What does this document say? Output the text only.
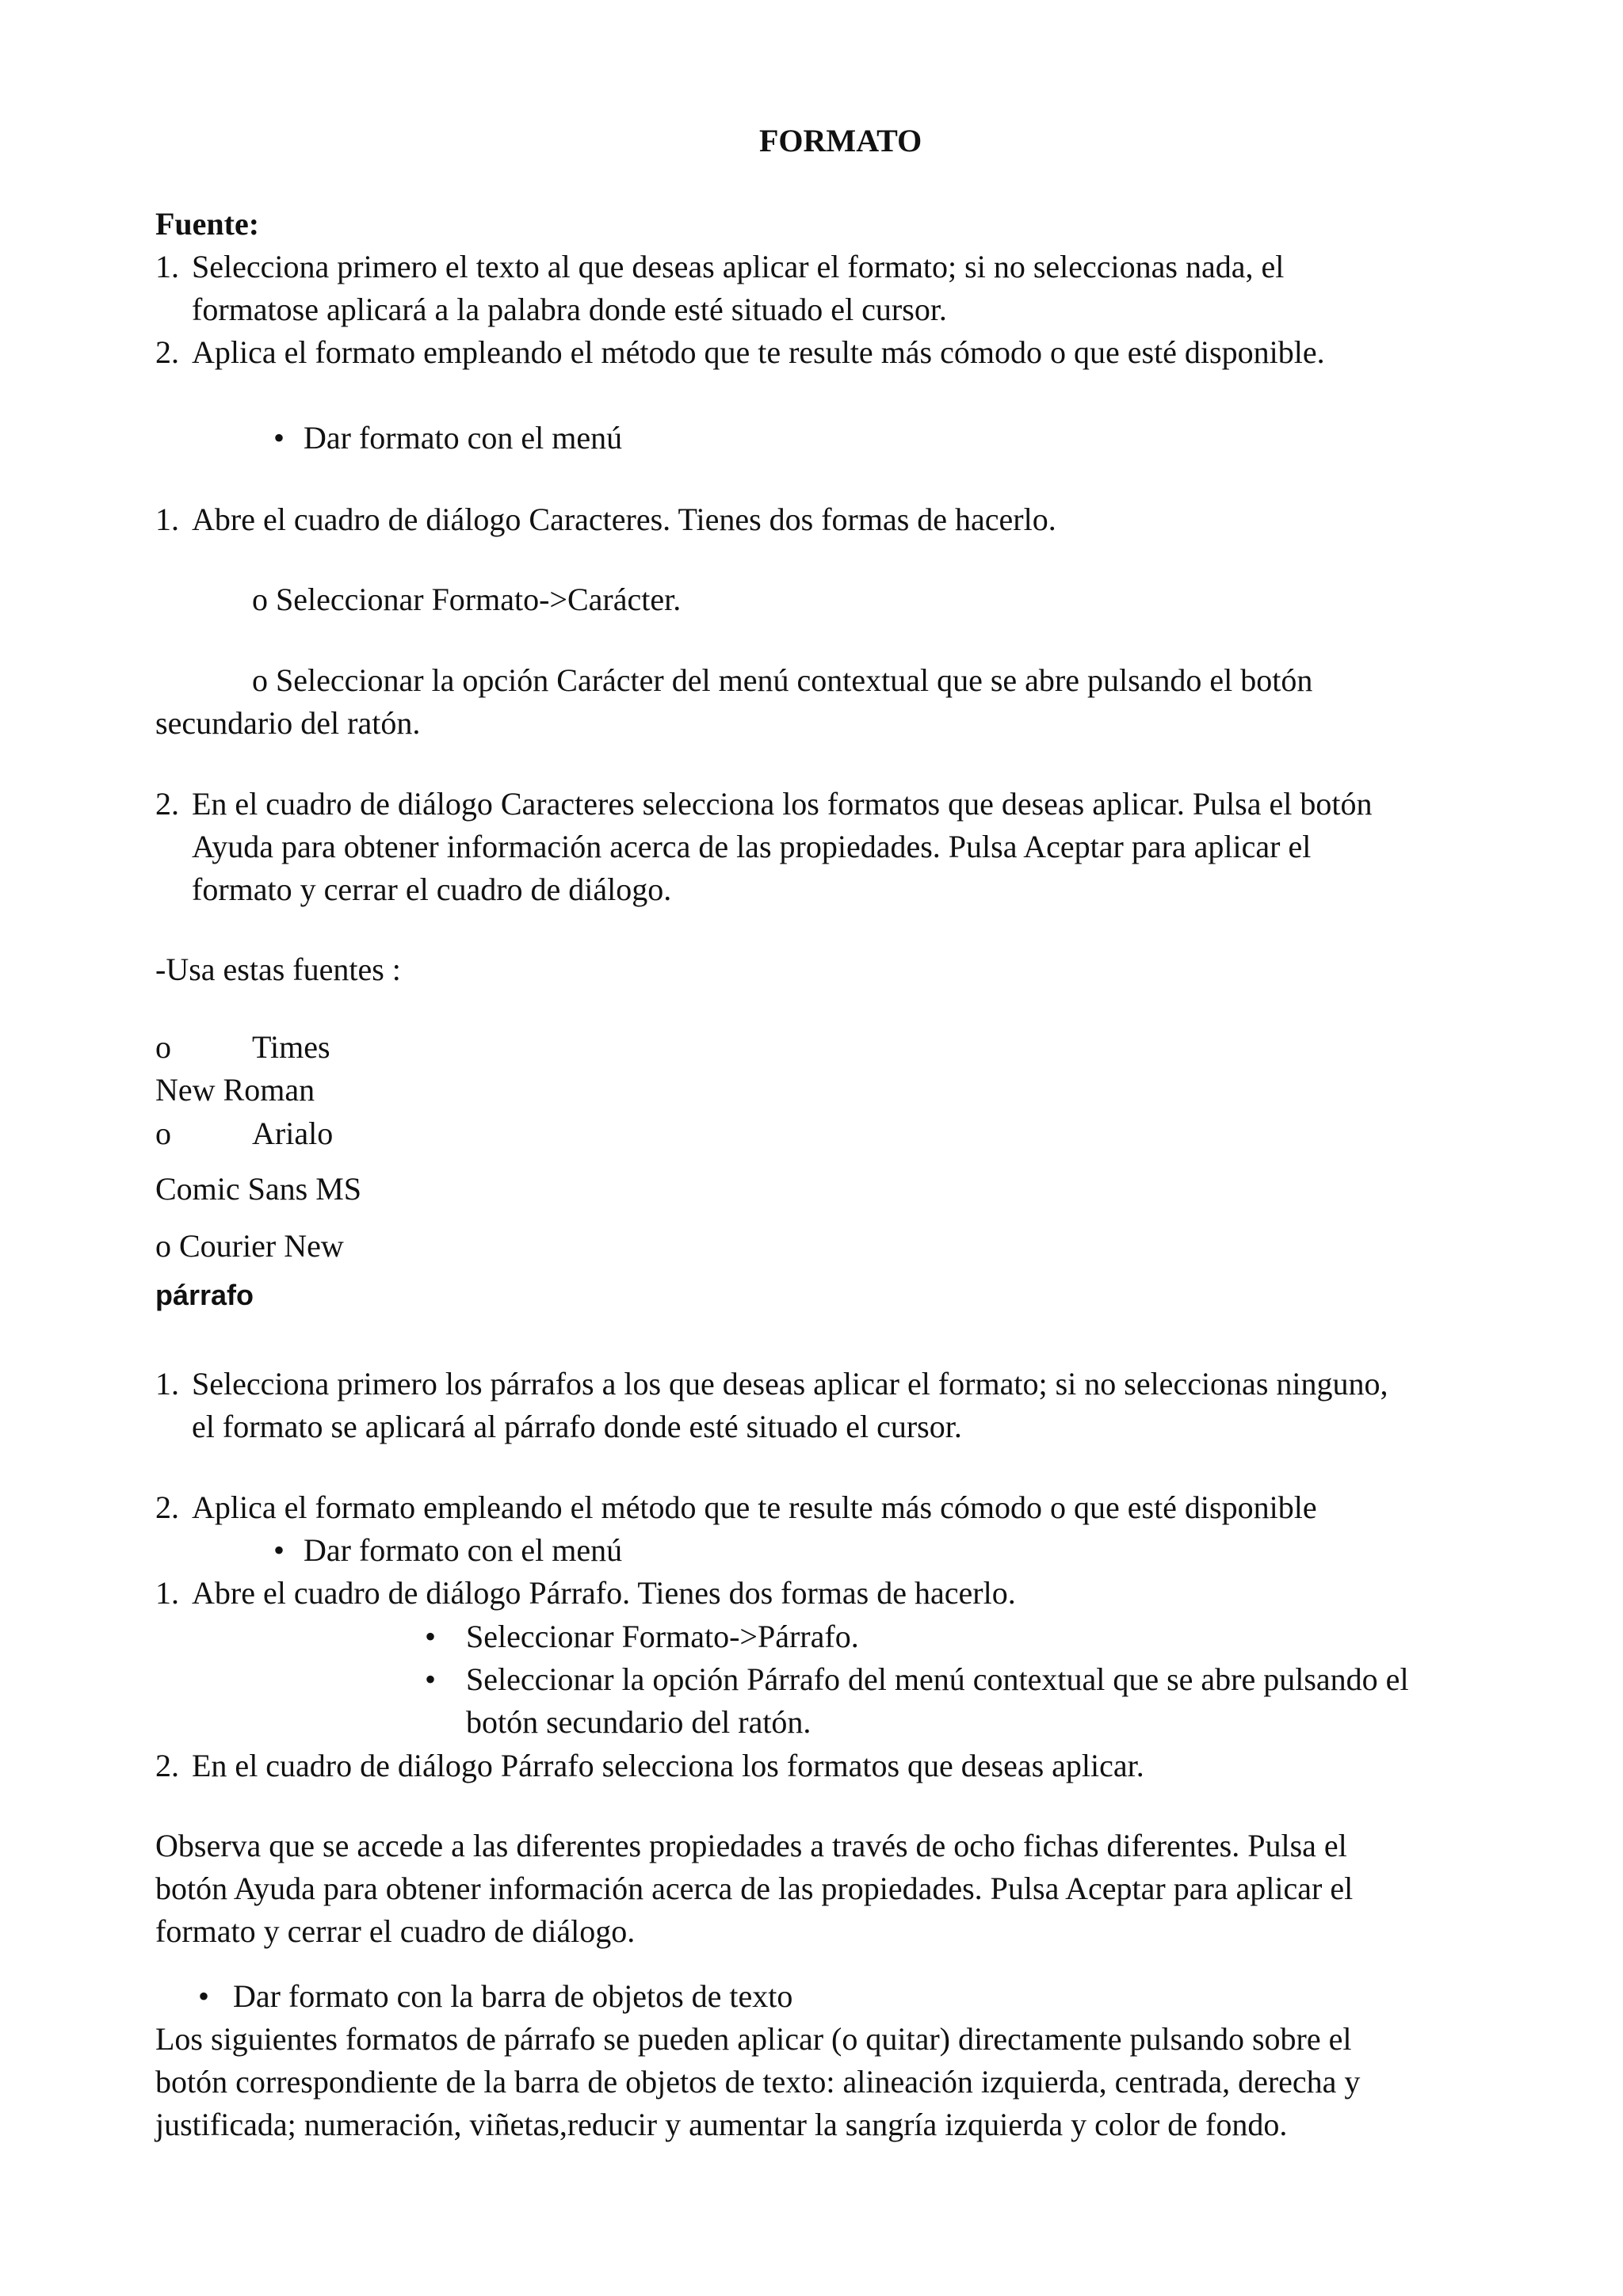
FORMATO

Fuente:

1. Selecciona primero el texto al que deseas aplicar el formato; si no seleccionas nada, el

formatose aplicará a la palabra donde esté situado el cursor.

2. Aplica el formato empleando el método que te resulte más cómodo o que esté disponible.

• Dar formato con el menú

1. Abre el cuadro de diálogo Caracteres. Tienes dos formas de hacerlo.

o Seleccionar Formato->Carácter.

o Seleccionar la opción Carácter del menú contextual que se abre pulsando el botón

secundario del ratón.

2. En el cuadro de diálogo Caracteres selecciona los formatos que deseas aplicar. Pulsa el botón

Ayuda para obtener información acerca de las propiedades. Pulsa Aceptar para aplicar el

formato y cerrar el cuadro de diálogo.

-Usa estas fuentes :

o	Times

New Roman

o	Arialo

Comic Sans MS

o Courier New

párrafo

1. Selecciona primero los párrafos a los que deseas aplicar el formato; si no seleccionas ninguno,

el formato se aplicará al párrafo donde esté situado el cursor.

2. Aplica el formato empleando el método que te resulte más cómodo o que esté disponible

• Dar formato con el menú

1. Abre el cuadro de diálogo Párrafo. Tienes dos formas de hacerlo.

• Seleccionar Formato->Párrafo.

• Seleccionar la opción Párrafo del menú contextual que se abre pulsando el

botón secundario del ratón.

2. En el cuadro de diálogo Párrafo selecciona los formatos que deseas aplicar.

Observa que se accede a las diferentes propiedades a través de ocho fichas diferentes. Pulsa el

botón Ayuda para obtener información acerca de las propiedades. Pulsa Aceptar para aplicar el

formato y cerrar el cuadro de diálogo.

• Dar formato con la barra de objetos de texto

Los siguientes formatos de párrafo se pueden aplicar (o quitar) directamente pulsando sobre el

botón correspondiente de la barra de objetos de texto: alineación izquierda, centrada, derecha y

justificada; numeración, viñetas,reducir y aumentar la sangría izquierda y color de fondo.
